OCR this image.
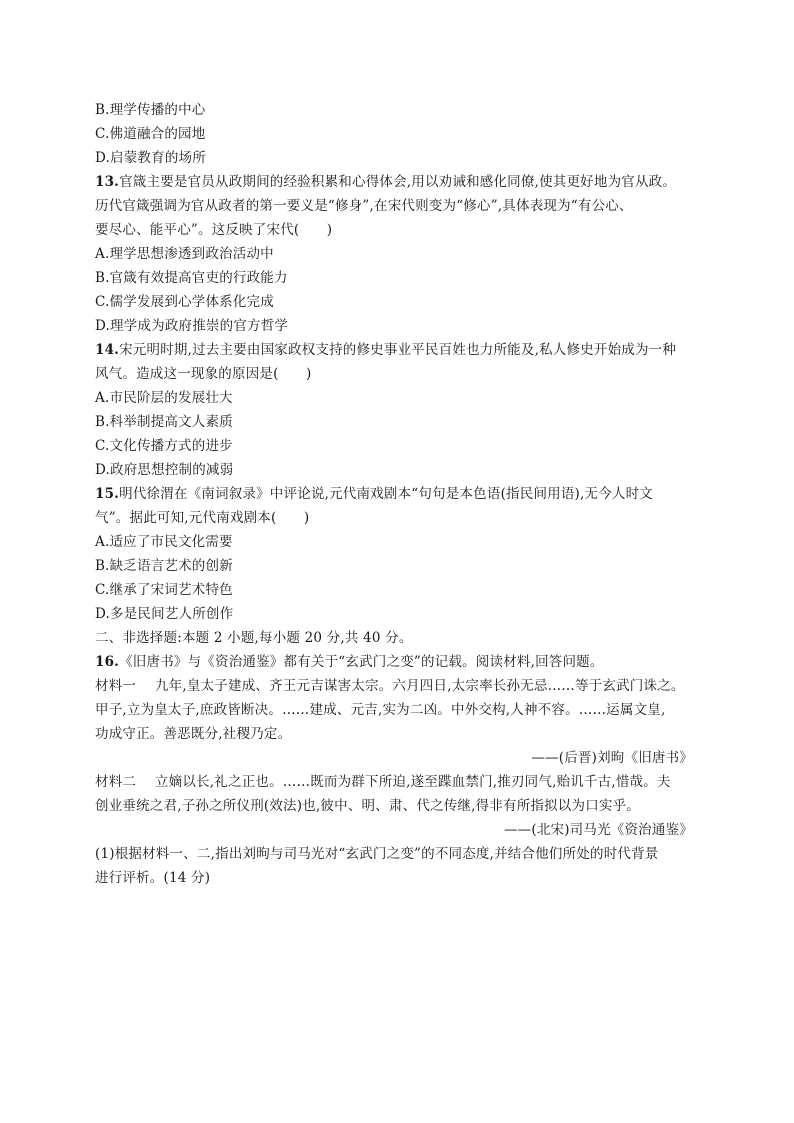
B.理学传播的中心
C.佛道融合的园地
D.启蒙教育的场所
13.官箴主要是官员从政期间的经验积累和心得体会,用以劝诫和感化同僚,使其更好地为官从政。
历代官箴强调为官从政者的第一要义是“修身”,在宋代则变为“修心”,具体表现为“有公心、
要尽心、能平心”。这反映了宋代(　　)
A.理学思想渗透到政治活动中
B.官箴有效提高官吏的行政能力
C.儒学发展到心学体系化完成
D.理学成为政府推崇的官方哲学
14.宋元明时期,过去主要由国家政权支持的修史事业平民百姓也力所能及,私人修史开始成为一种
风气。造成这一现象的原因是(　　)
A.市民阶层的发展壮大
B.科举制提高文人素质
C.文化传播方式的进步
D.政府思想控制的减弱
15.明代徐渭在《南词叙录》中评论说,元代南戏剧本“句句是本色语(指民间用语),无今人时文
气”。据此可知,元代南戏剧本(　　)
A.适应了市民文化需要
B.缺乏语言艺术的创新
C.继承了宋词艺术特色
D.多是民间艺人所创作
二、非选择题:本题 2 小题,每小题 20 分,共 40 分。
16.《旧唐书》与《资治通鉴》都有关于“玄武门之变”的记载。阅读材料,回答问题。
材料一 九年,皇太子建成、齐王元吉谋害太宗。六月四日,太宗率长孙无忌……等于玄武门诛之。
甲子,立为皇太子,庶政皆断决。……建成、元吉,实为二凶。中外交构,人神不容。……运属文皇,
功成守正。善恶既分,社稷乃定。
——(后晋)刘昫《旧唐书》
材料二 立嫡以长,礼之正也。……既而为群下所迫,遂至蹀血禁门,推刃同气,贻讥千古,惜哉。夫
创业垂统之君,子孙之所仪刑(效法)也,彼中、明、肃、代之传继,得非有所指拟以为口实乎。
——(北宋)司马光《资治通鉴》
(1)根据材料一、二,指出刘昫与司马光对“玄武门之变”的不同态度,并结合他们所处的时代背景
进行评析。(14 分)
